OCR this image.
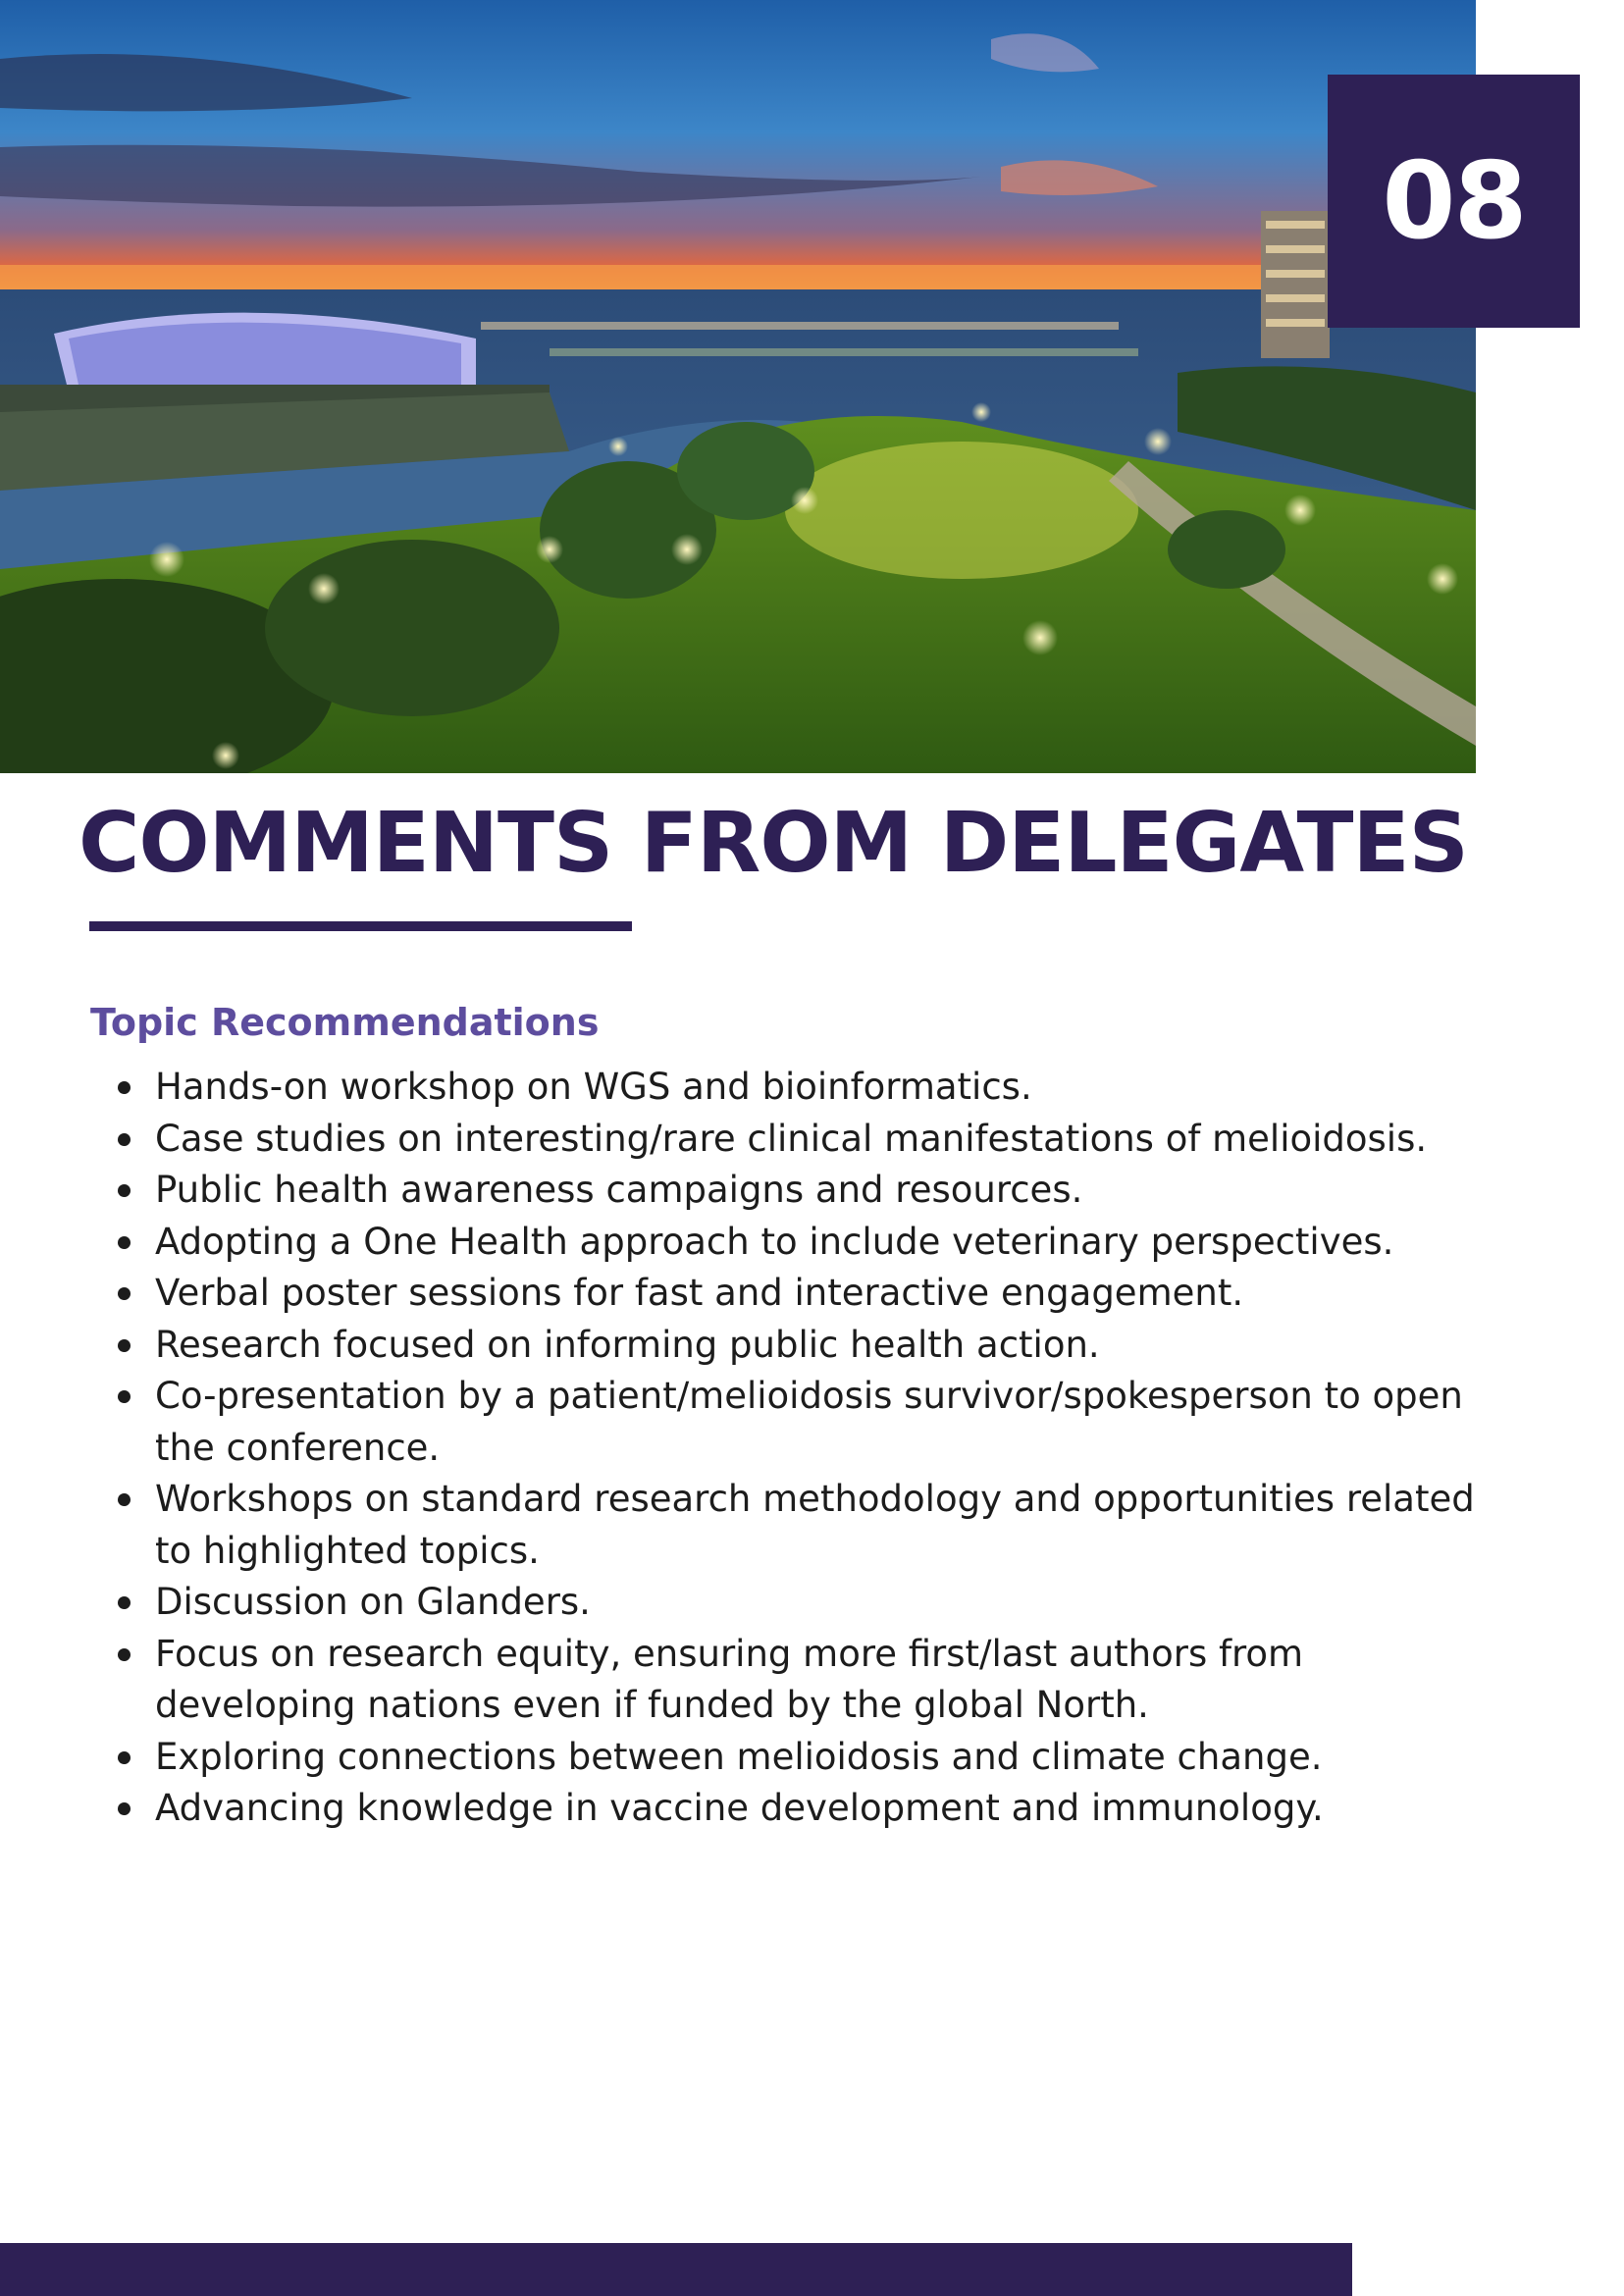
08
COMMENTS FROM DELEGATES
Topic Recommendations
Hands-on workshop on WGS and bioinformatics.
Case studies on interesting/rare clinical manifestations of melioidosis.
Public health awareness campaigns and resources.
Adopting a One Health approach to include veterinary perspectives.
Verbal poster sessions for fast and interactive engagement.
Research focused on informing public health action.
Co-presentation by a patient/melioidosis survivor/spokesperson to open the conference.
Workshops on standard research methodology and opportunities related to highlighted topics.
Discussion on Glanders.
Focus on research equity, ensuring more first/last authors from developing nations even if funded by the global North.
Exploring connections between melioidosis and climate change.
Advancing knowledge in vaccine development and immunology.
